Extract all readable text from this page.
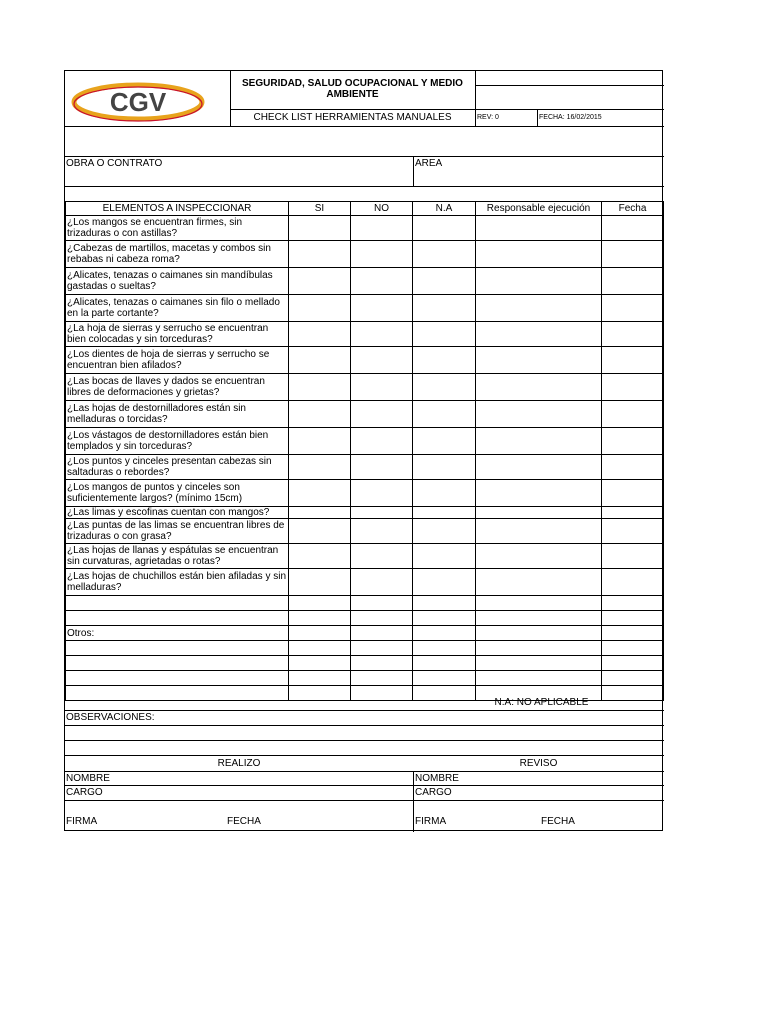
CGV
SEGURIDAD, SALUD OCUPACIONAL Y MEDIO
AMBIENTE
CHECK LIST HERRAMIENTAS MANUALES	REV: 0	FECHA: 16/02/2015
OBRA O CONTRATO	AREA
ELEMENTOS A INSPECCIONAR	SI	NO	N.A	Responsable ejecución	Fecha

¿Los mangos se encuentran firmes, sin
trizaduras o con astillas?					

¿Cabezas de martillos, macetas y combos sin
rebabas ni cabeza roma?					

¿Alicates, tenazas o caimanes sin mandíbulas
gastadas o sueltas?					

¿Alicates, tenazas o caimanes sin filo o mellado
en la parte cortante?					

¿La hoja de sierras y serrucho se encuentran
bien colocadas y sin torceduras?					

¿Los dientes de hoja de sierras y serrucho se
encuentran bien afilados?					

¿Las bocas de llaves y dados se encuentran
libres de deformaciones y grietas?					

¿Las hojas de destornilladores están sin
melladuras o torcidas?					

¿Los vástagos de destornilladores están bien
templados y sin torceduras?					

¿Los puntos y cinceles presentan cabezas sin
saltaduras o rebordes?					

¿Los mangos de puntos y cinceles son
suficientemente largos? (mínimo 15cm)					

¿Las limas y escofinas cuentan con mangos?					

¿Las puntas de las limas se encuentran libres de
trizaduras o con grasa?					

¿Las hojas de llanas y espátulas se encuentran
sin curvaturas, agrietadas o rotas?					

¿Las hojas de chuchillos están bien afiladas y sin
melladuras?					

Otros:					

N.A: NO APLICABLE
OBSERVACIONES:
REALIZO	REVISO
NOMBRE	NOMBRE
CARGO	CARGO
FIRMA	FECHA	FIRMA	FECHA
